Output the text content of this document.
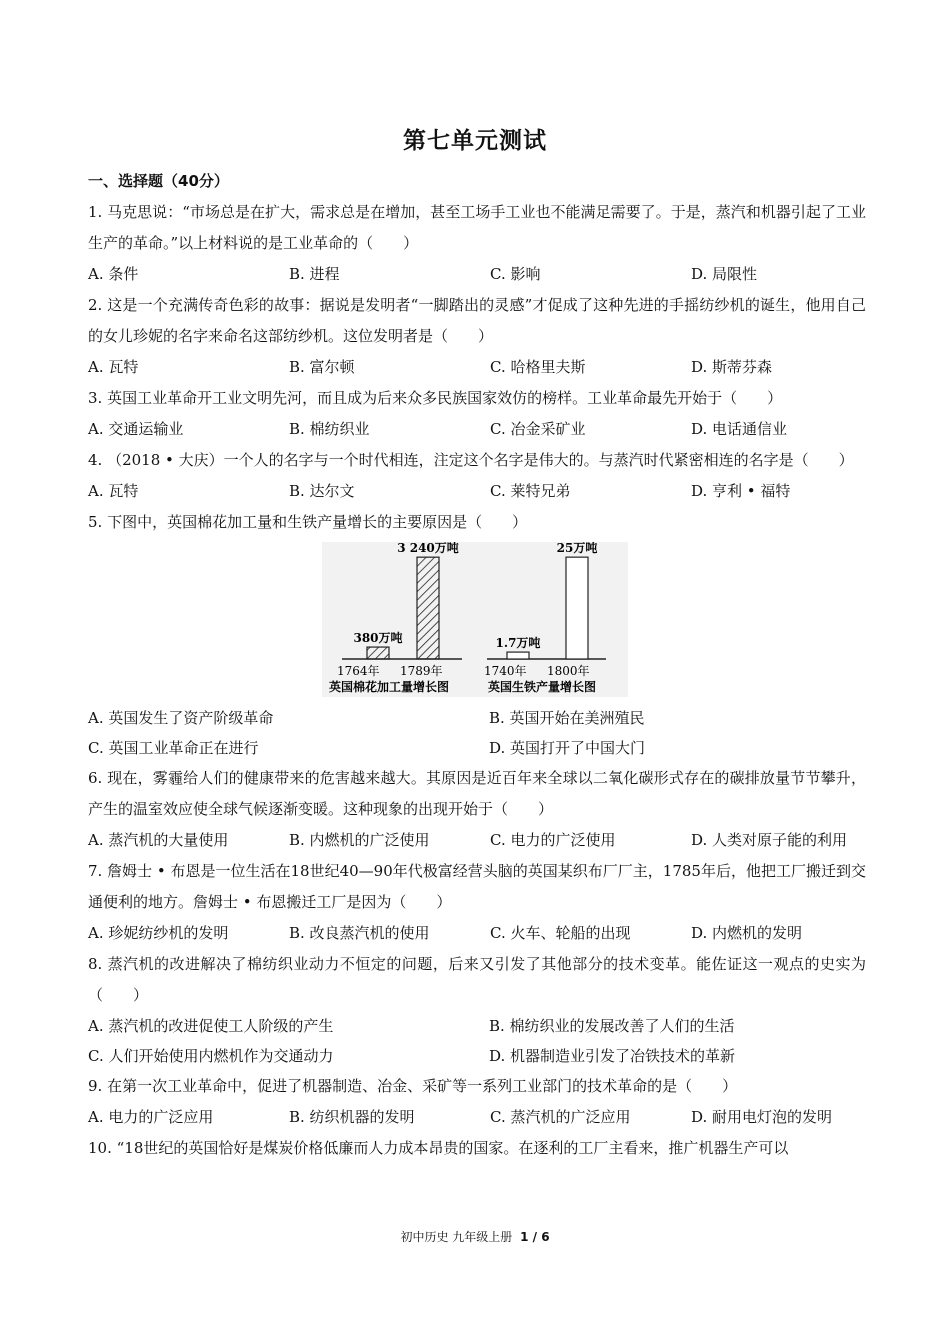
第七单元测试
一、选择题（40分）

1. 马克思说：“市场总是在扩大，需求总是在增加，甚至工场手工业也不能满足需要了。于是，蒸汽和机器引起了工业生产的革命。”以上材料说的是工业革命的（　　）

A. 条件	B. 进程	C. 影响	D. 局限性

2. 这是一个充满传奇色彩的故事：据说是发明者“一脚踏出的灵感”才促成了这种先进的手摇纺纱机的诞生，他用自己的女儿珍妮的名字来命名这部纺纱机。这位发明者是（　　）

A. 瓦特	B. 富尔顿	C. 哈格里夫斯	D. 斯蒂芬森

3. 英国工业革命开工业文明先河，而且成为后来众多民族国家效仿的榜样。工业革命最先开始于（　　）

A. 交通运输业	B. 棉纺织业	C. 冶金采矿业	D. 电话通信业

4. （2018 • 大庆）一个人的名字与一个时代相连，注定这个名字是伟大的。与蒸汽时代紧密相连的名字是（　　）

A. 瓦特	B. 达尔文	C. 莱特兄弟	D. 亨利 • 福特

5. 下图中，英国棉花加工量和生铁产量增长的主要原因是（　　）

380万吨
3 240万吨
1.7万吨
25万吨
1764年 1789年	1740年 1800年
英国棉花加工量增长图	英国生铁产量增长图
A. 英国发生了资产阶级革命	B. 英国开始在美洲殖民
C. 英国工业革命正在进行	D. 英国打开了中国大门

6. 现在，雾霾给人们的健康带来的危害越来越大。其原因是近百年来全球以二氧化碳形式存在的碳排放量节节攀升，产生的温室效应使全球气候逐渐变暖。这种现象的出现开始于（　　）

A. 蒸汽机的大量使用	B. 内燃机的广泛使用	C. 电力的广泛使用	D. 人类对原子能的利用

7. 詹姆士 • 布恩是一位生活在18世纪40—90年代极富经营头脑的英国某织布厂厂主，1785年后，他把工厂搬迁到交通便利的地方。詹姆士 • 布恩搬迁工厂是因为（　　）

A. 珍妮纺纱机的发明	B. 改良蒸汽机的使用	C. 火车、轮船的出现	D. 内燃机的发明

8. 蒸汽机的改进解决了棉纺织业动力不恒定的问题，后来又引发了其他部分的技术变革。能佐证这一观点的史实为（　　）

A. 蒸汽机的改进促使工人阶级的产生	B. 棉纺织业的发展改善了人们的生活
C. 人们开始使用内燃机作为交通动力	D. 机器制造业引发了冶铁技术的革新

9. 在第一次工业革命中，促进了机器制造、冶金、采矿等一系列工业部门的技术革命的是（　　）

A. 电力的广泛应用	B. 纺织机器的发明	C. 蒸汽机的广泛应用	D. 耐用电灯泡的发明

10. “18世纪的英国恰好是煤炭价格低廉而人力成本昂贵的国家。在逐利的工厂主看来，推广机器生产可以

初中历史 九年级上册 1 / 6
